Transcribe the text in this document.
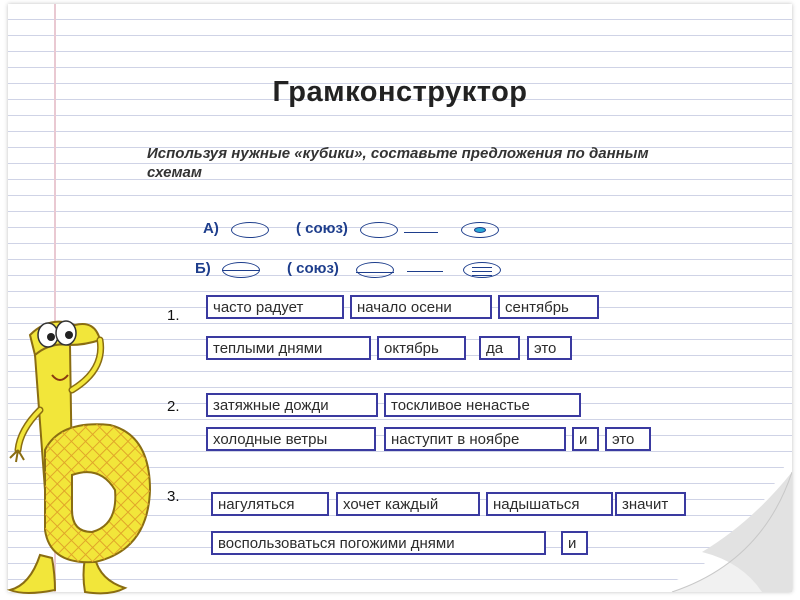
Грамконструктор
Используя нужные «кубики», составьте предложения по данным схемам
А)	( союз)
Б)	( союз)
1.	часто радует	начало осени	сентябрь
теплыми днями	октябрь	да	это
2.	затяжные дожди	тоскливое ненастье
холодные ветры	наступит в ноябре	и	это
3.	нагуляться	хочет каждый	надышаться	значит
воспользоваться погожими днями	и
